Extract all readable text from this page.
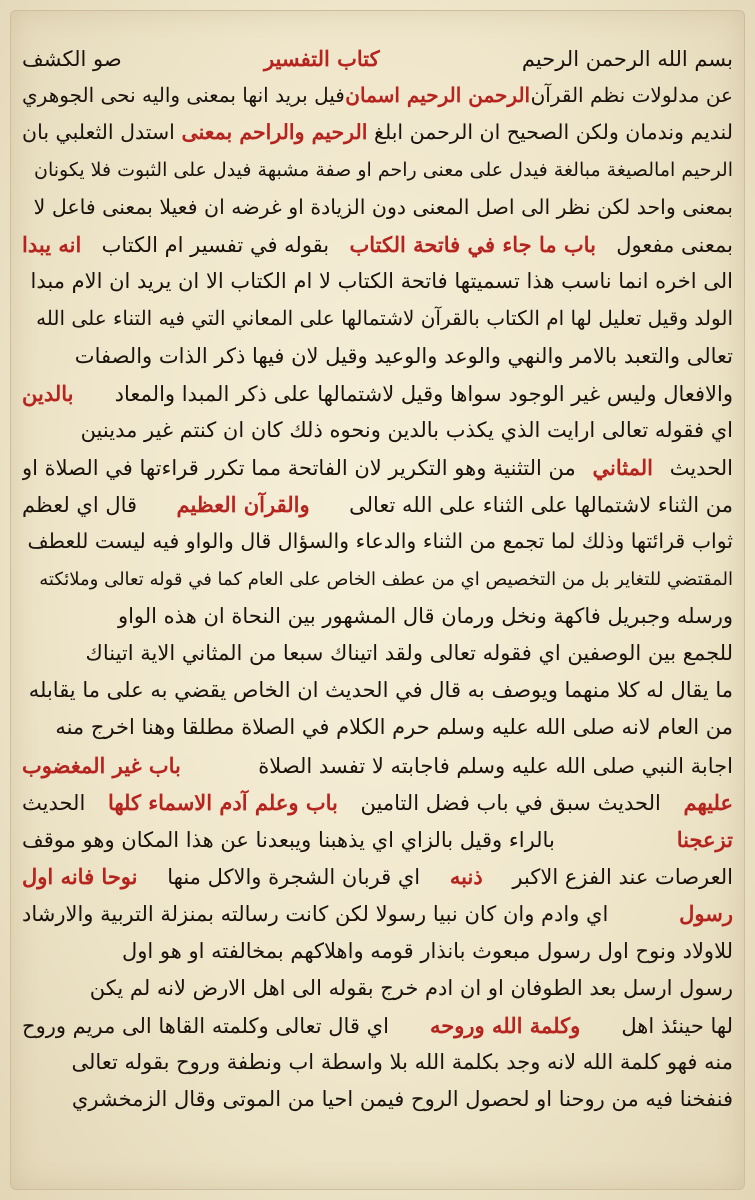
بسم الله الرحمن الرحيم
كتاب التفسير
صو الكشف
عن مدلولات نظم القرآن
الرحمن الرحيم اسمان
فيل بريد انها بمعنى واليه نحى الجوهري
لنديم وندمان ولكن الصحيح ان الرحمن ابلغ
الرحيم والراحم بمعنى
استدل الثعلبي بان
الرحيم امالصيغة مبالغة فيدل على معنى راحم او صفة مشبهة فيدل على الثبوت فلا يكونان
بمعنى واحد لكن نظر الى اصل المعنى دون الزيادة او غرضه ان فعيلا بمعنى فاعل لا
بمعنى مفعول
باب ما جاء في فاتحة الكتاب
بقوله في تفسير ام الكتاب
انه يبدا
الى اخره انما ناسب هذا تسميتها فاتحة الكتاب لا ام الكتاب الا ان يريد ان الام مبدا
الولد وقيل تعليل لها ام الكتاب بالقرآن لاشتمالها على المعاني التي فيه التناء على الله
تعالى والتعبد بالامر والنهي والوعد والوعيد وقيل لان فيها ذكر الذات والصفات
والافعال وليس غير الوجود سواها وقيل لاشتمالها على ذكر المبدا والمعاد
بالدين
اي فقوله تعالى ارايت الذي يكذب بالدين ونحوه ذلك كان ان كنتم غير مدينين
الحديث
المثاني
من التثنية وهو التكرير لان الفاتحة مما تكرر قراءتها في الصلاة او
من الثناء لاشتمالها على الثناء على الله تعالى
والقرآن العظيم
قال اي لعظم
ثواب قرائتها وذلك لما تجمع من الثناء والدعاء والسؤال قال والواو فيه ليست للعطف
المقتضي للتغاير بل من التخصيص اي من عطف الخاص على العام كما في قوله تعالى وملائكته
ورسله وجبريل فاكهة ونخل ورمان قال المشهور بين النحاة ان هذه الواو
للجمع بين الوصفين اي فقوله تعالى ولقد اتيناك سبعا من المثاني الاية اتيناك
ما يقال له كلا منهما ويوصف به قال في الحديث ان الخاص يقضي به على ما يقابله
من العام لانه صلى الله عليه وسلم حرم الكلام في الصلاة مطلقا وهنا اخرج منه
اجابة النبي صلى الله عليه وسلم فاجابته لا تفسد الصلاة
باب غير المغضوب
عليهم
الحديث سبق في باب فضل التامين
باب وعلم آدم الاسماء كلها
الحديث
تزعجنا
بالراء وقيل بالزاي اي يذهبنا ويبعدنا عن هذا المكان وهو موقف
العرصات عند الفزع الاكبر
ذنبه
اي قربان الشجرة والاكل منها
نوحا فانه اول
رسول
اي وادم وان كان نبيا رسولا لكن كانت رسالته بمنزلة التربية والارشاد
للاولاد ونوح اول رسول مبعوث بانذار قومه واهلاكهم بمخالفته او هو اول
رسول ارسل بعد الطوفان او ان ادم خرج بقوله الى اهل الارض لانه لم يكن
لها حينئذ اهل
وكلمة الله وروحه
اي قال تعالى وكلمته القاها الى مريم وروح
منه فهو كلمة الله لانه وجد بكلمة الله بلا واسطة اب ونطفة وروح بقوله تعالى
فنفخنا فيه من روحنا او لحصول الروح فيمن احيا من الموتى وقال الزمخشري
